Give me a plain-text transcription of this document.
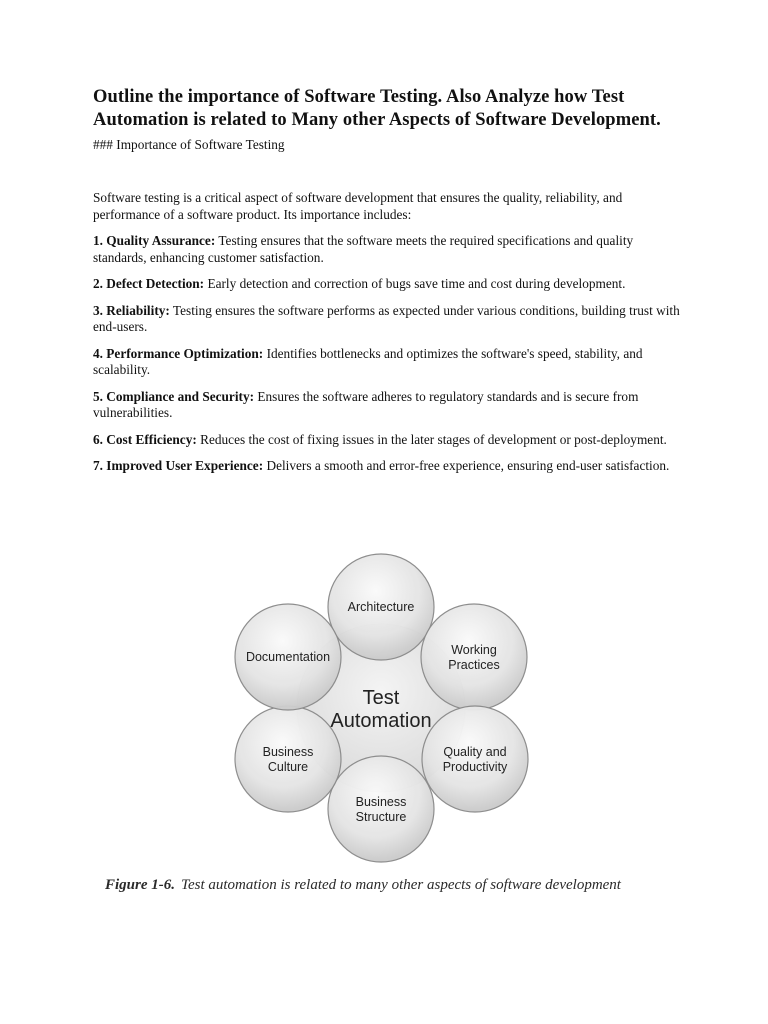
Outline the importance of Software Testing. Also Analyze how Test Automation is related to Many other Aspects of Software Development.

### Importance of Software Testing

Software testing is a critical aspect of software development that ensures the quality, reliability, and performance of a software product. Its importance includes:

1. Quality Assurance: Testing ensures that the software meets the required specifications and quality standards, enhancing customer satisfaction.
2. Defect Detection: Early detection and correction of bugs save time and cost during development.
3. Reliability: Testing ensures the software performs as expected under various conditions, building trust with end-users.
4. Performance Optimization: Identifies bottlenecks and optimizes the software's speed, stability, and scalability.
5. Compliance and Security: Ensures the software adheres to regulatory standards and is secure from vulnerabilities.
6. Cost Efficiency: Reduces the cost of fixing issues in the later stages of development or post-deployment.
7. Improved User Experience: Delivers a smooth and error-free experience, ensuring end-user satisfaction.
Architecture
Working
Practices
Quality and
Productivity
Business
Structure
Business
Culture
Documentation
Test
Automation
Figure 1-6. Test automation is related to many other aspects of software development
